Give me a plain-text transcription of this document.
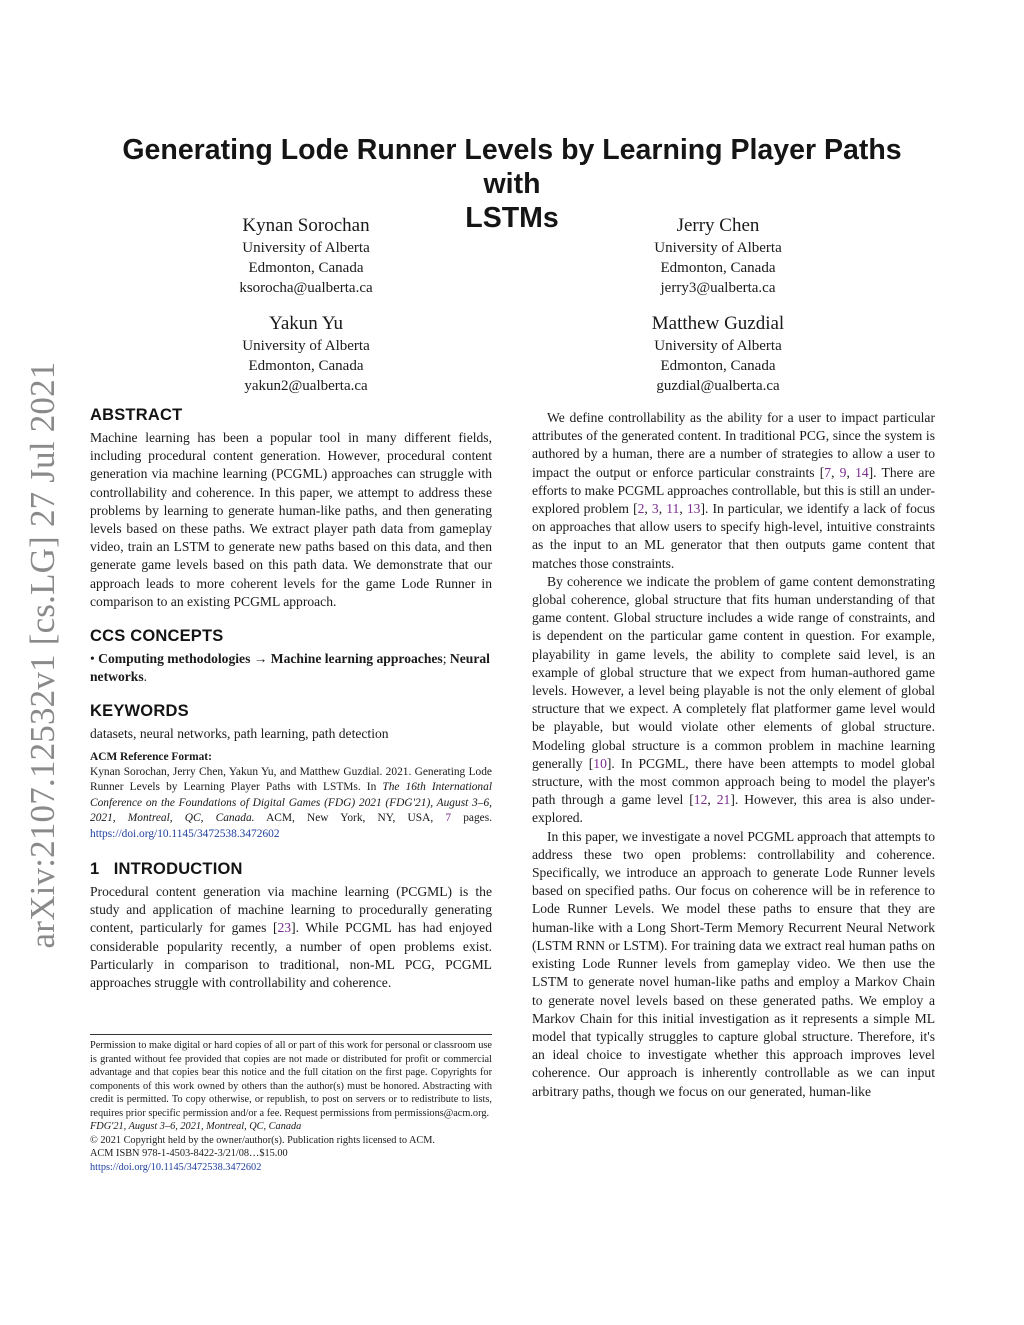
arXiv:2107.12532v1 [cs.LG] 27 Jul 2021
Generating Lode Runner Levels by Learning Player Paths with
LSTMs
Kynan Sorochan
University of Alberta
Edmonton, Canada
ksorocha@ualberta.ca
Jerry Chen
University of Alberta
Edmonton, Canada
jerry3@ualberta.ca
Yakun Yu
University of Alberta
Edmonton, Canada
yakun2@ualberta.ca
Matthew Guzdial
University of Alberta
Edmonton, Canada
guzdial@ualberta.ca
ABSTRACT
Machine learning has been a popular tool in many different fields, including procedural content generation. However, procedural content generation via machine learning (PCGML) approaches can struggle with controllability and coherence. In this paper, we attempt to address these problems by learning to generate human-like paths, and then generating levels based on these paths. We extract player path data from gameplay video, train an LSTM to generate new paths based on this data, and then generate game levels based on this path data. We demonstrate that our approach leads to more coherent levels for the game Lode Runner in comparison to an existing PCGML approach.
CCS CONCEPTS
• Computing methodologies → Machine learning approaches; Neural networks.
KEYWORDS
datasets, neural networks, path learning, path detection
ACM Reference Format:
Kynan Sorochan, Jerry Chen, Yakun Yu, and Matthew Guzdial. 2021. Generating Lode Runner Levels by Learning Player Paths with LSTMs. In The 16th International Conference on the Foundations of Digital Games (FDG) 2021 (FDG'21), August 3–6, 2021, Montreal, QC, Canada. ACM, New York, NY, USA, 7 pages. https://doi.org/10.1145/3472538.3472602
1 INTRODUCTION
Procedural content generation via machine learning (PCGML) is the study and application of machine learning to procedurally generating content, particularly for games [23]. While PCGML has had enjoyed considerable popularity recently, a number of open problems exist. Particularly in comparison to traditional, non-ML PCG, PCGML approaches struggle with controllability and coherence.
Permission to make digital or hard copies of all or part of this work for personal or classroom use is granted without fee provided that copies are not made or distributed for profit or commercial advantage and that copies bear this notice and the full citation on the first page. Copyrights for components of this work owned by others than the author(s) must be honored. Abstracting with credit is permitted. To copy otherwise, or republish, to post on servers or to redistribute to lists, requires prior specific permission and/or a fee. Request permissions from permissions@acm.org.
FDG'21, August 3–6, 2021, Montreal, QC, Canada
© 2021 Copyright held by the owner/author(s). Publication rights licensed to ACM.
ACM ISBN 978-1-4503-8422-3/21/08…$15.00
https://doi.org/10.1145/3472538.3472602
We define controllability as the ability for a user to impact particular attributes of the generated content. In traditional PCG, since the system is authored by a human, there are a number of strategies to allow a user to impact the output or enforce particular constraints [7, 9, 14]. There are efforts to make PCGML approaches controllable, but this is still an under-explored problem [2, 3, 11, 13]. In particular, we identify a lack of focus on approaches that allow users to specify high-level, intuitive constraints as the input to an ML generator that then outputs game content that matches those constraints.
By coherence we indicate the problem of game content demonstrating global coherence, global structure that fits human understanding of that game content. Global structure includes a wide range of constraints, and is dependent on the particular game content in question. For example, playability in game levels, the ability to complete said level, is an example of global structure that we expect from human-authored game levels. However, a level being playable is not the only element of global structure that we expect. A completely flat platformer game level would be playable, but would violate other elements of global structure. Modeling global structure is a common problem in machine learning generally [10]. In PCGML, there have been attempts to model global structure, with the most common approach being to model the player's path through a game level [12, 21]. However, this area is also under-explored.
In this paper, we investigate a novel PCGML approach that attempts to address these two open problems: controllability and coherence. Specifically, we introduce an approach to generate Lode Runner levels based on specified paths. Our focus on coherence will be in reference to Lode Runner Levels. We model these paths to ensure that they are human-like with a Long Short-Term Memory Recurrent Neural Network (LSTM RNN or LSTM). For training data we extract real human paths on existing Lode Runner levels from gameplay video. We then use the LSTM to generate novel human-like paths and employ a Markov Chain to generate novel levels based on these generated paths. We employ a Markov Chain for this initial investigation as it represents a simple ML model that typically struggles to capture global structure. Therefore, it's an ideal choice to investigate whether this approach improves level coherence. Our approach is inherently controllable as we can input arbitrary paths, though we focus on our generated, human-like
